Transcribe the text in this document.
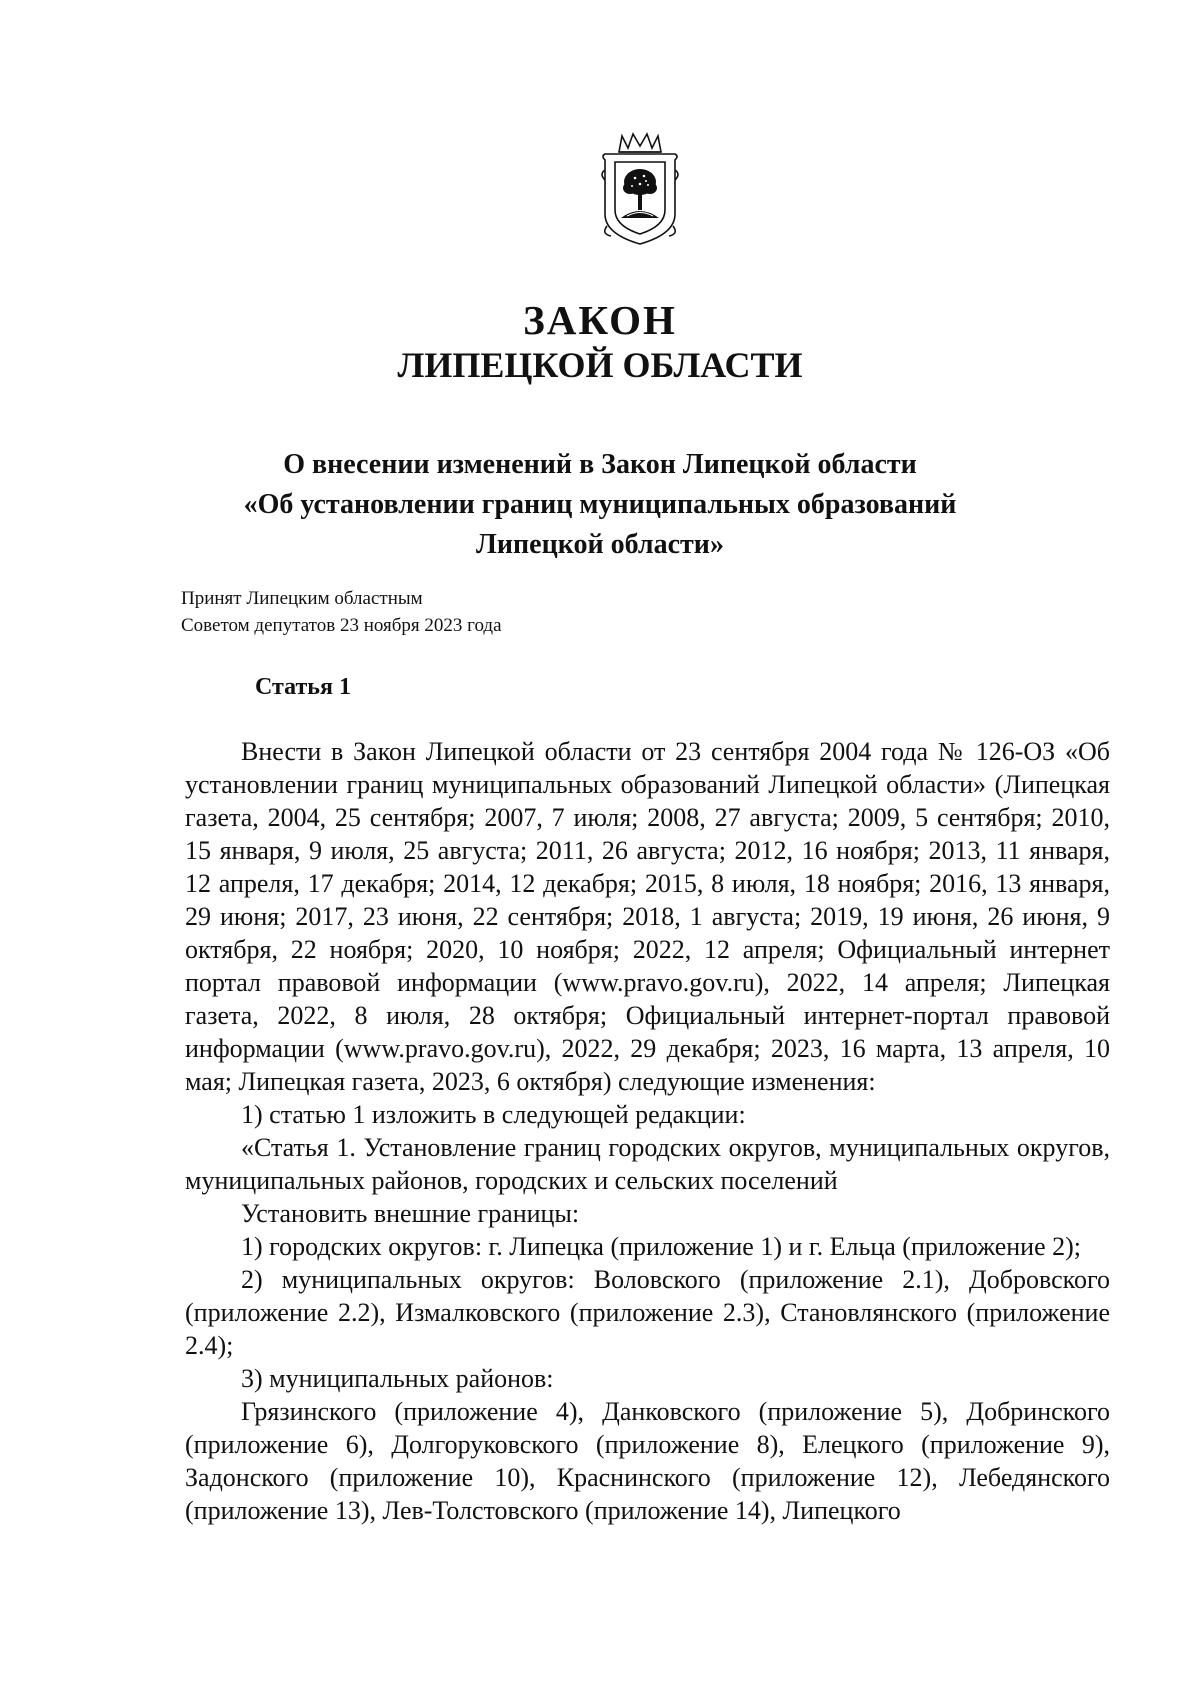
ЗАКОН
ЛИПЕЦКОЙ ОБЛАСТИ
О внесении изменений в Закон Липецкой области
«Об установлении границ муниципальных образований
Липецкой области»
Принят Липецким областным
Советом депутатов 23 ноября 2023 года
Статья 1

Внести в Закон Липецкой области от 23 сентября 2004 года № 126-ОЗ «Об установлении границ муниципальных образований Липецкой области» (Липецкая газета, 2004, 25 сентября; 2007, 7 июля; 2008, 27 августа; 2009, 5 сентября; 2010, 15 января, 9 июля, 25 августа; 2011, 26 августа; 2012, 16 ноября; 2013, 11 января, 12 апреля, 17 декабря; 2014, 12 декабря; 2015, 8 июля, 18 ноября; 2016, 13 января, 29 июня; 2017, 23 июня, 22 сентября; 2018, 1 августа; 2019, 19 июня, 26 июня, 9 октября, 22 ноября; 2020, 10 ноября; 2022, 12 апреля; Официальный интернет портал правовой информации (www.pravo.gov.ru), 2022, 14 апреля; Липецкая газета, 2022, 8 июля, 28 октября; Официальный интернет-портал правовой информации (www.pravo.gov.ru), 2022, 29 декабря; 2023, 16 марта, 13 апреля, 10 мая; Липецкая газета, 2023, 6 октября) следующие изменения:

1) статью 1 изложить в следующей редакции:

«Статья 1. Установление границ городских округов, муниципальных округов, муниципальных районов, городских и сельских поселений

Установить внешние границы:

1) городских округов: г. Липецка (приложение 1) и г. Ельца (приложение 2);

2) муниципальных округов: Воловского (приложение 2.1), Добровского (приложение 2.2), Измалковского (приложение 2.3), Становлянского (приложение 2.4);

3) муниципальных районов:

Грязинского (приложение 4), Данковского (приложение 5), Добринского (приложение 6), Долгоруковского (приложение 8), Елецкого (приложение 9), Задонского (приложение 10), Краснинского (приложение 12), Лебедянского (приложение 13), Лев-Толстовского (приложение 14), Липецкого
